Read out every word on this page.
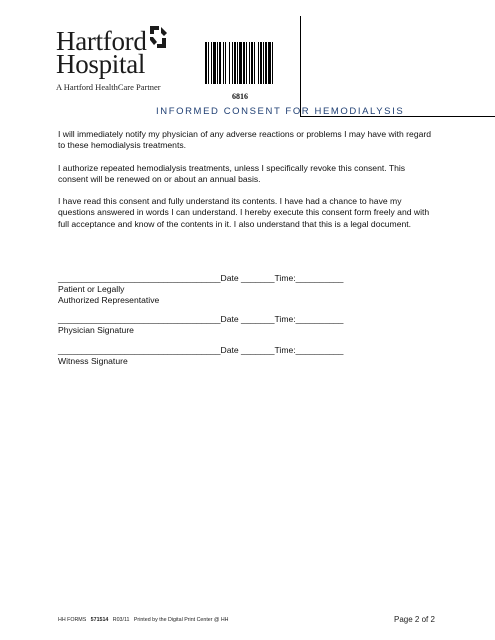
Hartford
Hospital
A Hartford HealthCare Partner
6816
INFORMED CONSENT FOR HEMODIALYSIS
I will immediately notify my physician of any adverse reactions or problems I may have with regard to these hemodialysis treatments.
I authorize repeated hemodialysis treatments, unless I specifically revoke this consent. This consent will be renewed on or about an annual basis.
I have read this consent and fully understand its contents. I have had a chance to have my questions answered in words I can understand. I hereby execute this consent form freely and with full acceptance and know of the contents in it. I also understand that this is a legal document.
__________________________________Date _______Time:__________
Patient or Legally
Authorized Representative
__________________________________Date _______Time:__________
Physician Signature
__________________________________Date _______Time:__________
Witness Signature
HH FORMS 571514 R03/11 Printed by the Digital Print Center @ HH	Page 2 of 2
